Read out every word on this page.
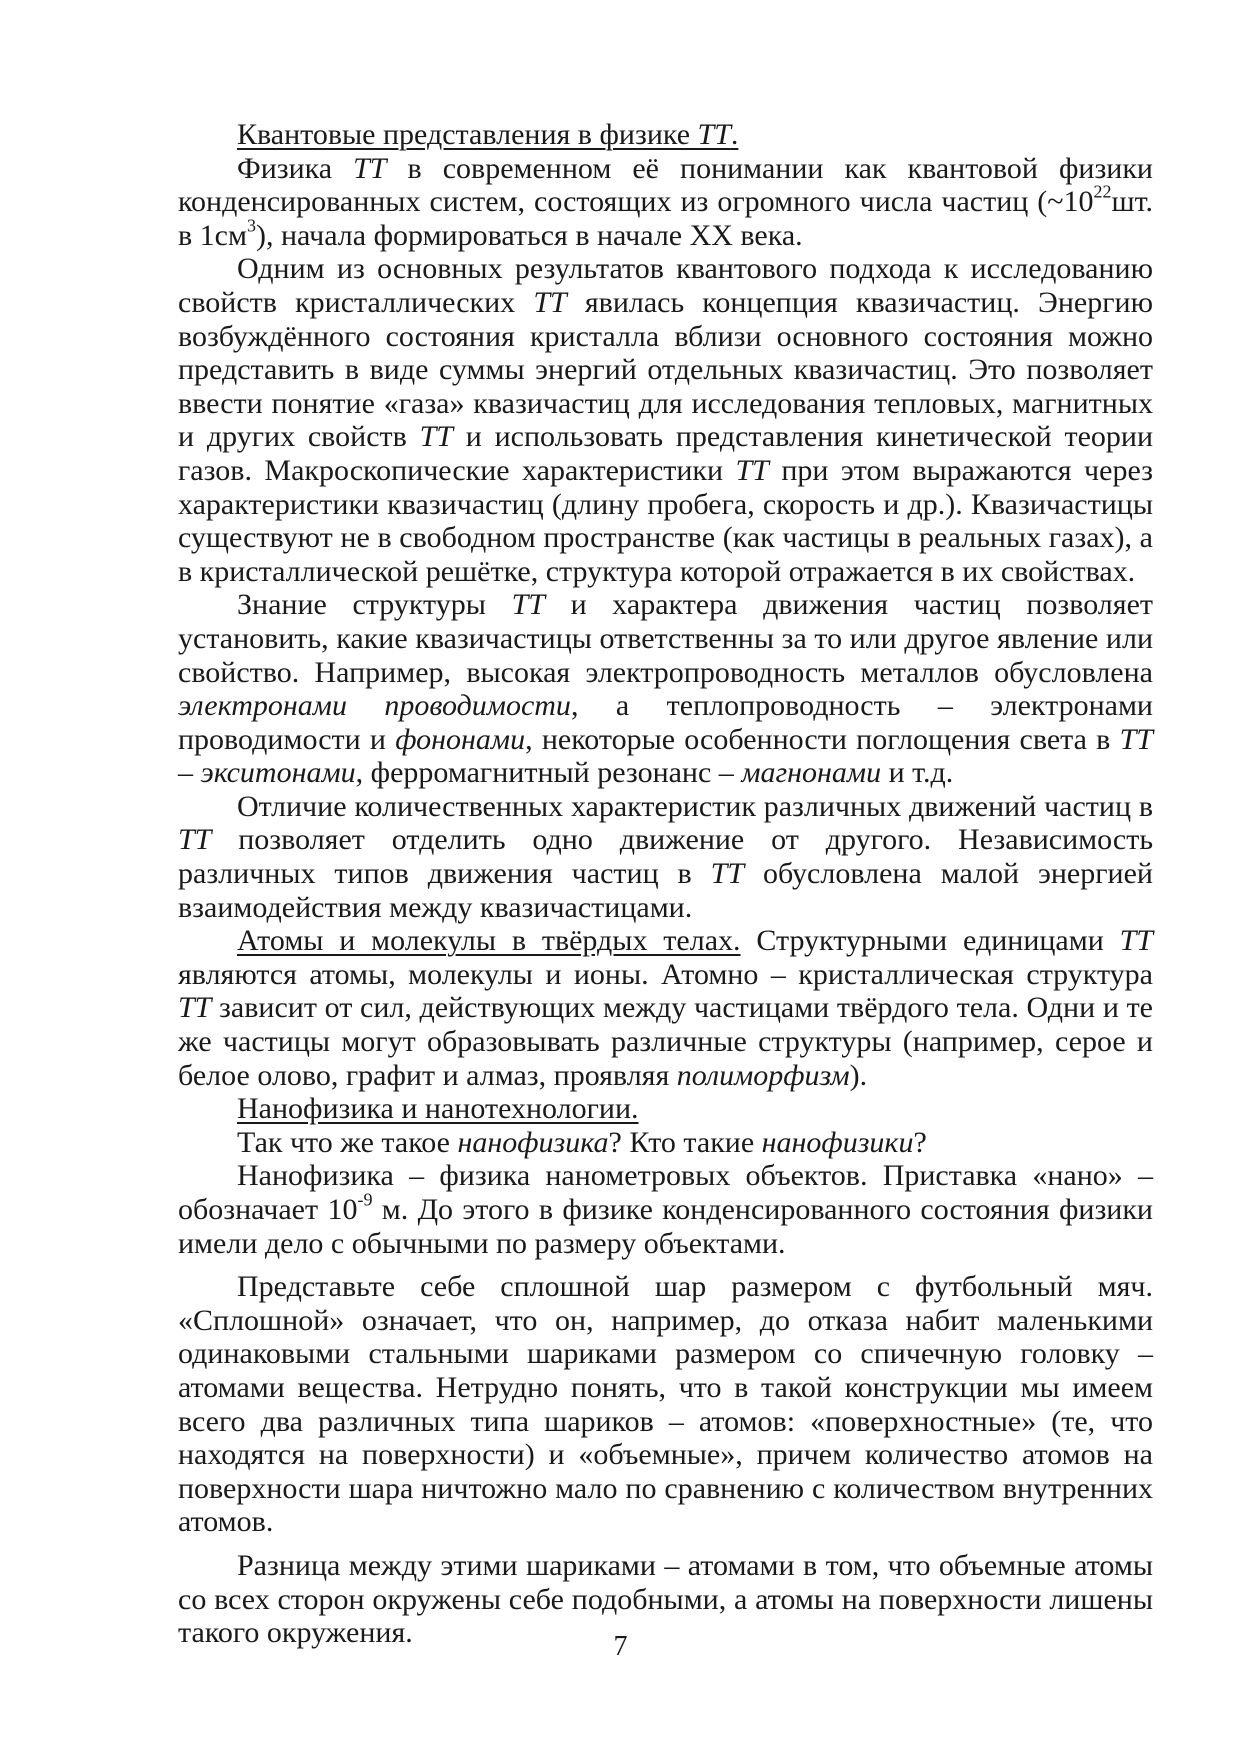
Квантовые представления в физике ТТ.

Физика ТТ в современном её понимании как квантовой физики конденсированных систем, состоящих из огромного числа частиц ($\sim 10^{22}шт$. в $1см^3$), начала формироваться в начале XX века.

Одним из основных результатов квантового подхода к исследованию свойств кристаллических ТТ явилась концепция квазичастиц. Энергию возбуждённого состояния кристалла вблизи основного состояния можно представить в виде суммы энергий отдельных квазичастиц. Это позволяет ввести понятие «газа» квазичастиц для исследования тепловых, магнитных и других свойств ТТ и использовать представления кинетической теории газов. Макроскопические характеристики ТТ при этом выражаются через характеристики квазичастиц (длину пробега, скорость и др.). Квазичастицы существуют не в свободном пространстве (как частицы в реальных газах), а в кристаллической решётке, структура которой отражается в их свойствах.

Знание структуры ТТ и характера движения частиц позволяет установить, какие квазичастицы ответственны за то или другое явление или свойство. Например, высокая электропроводность металлов обусловлена электронами проводимости, а теплопроводность – электронами проводимости и фононами, некоторые особенности поглощения света в ТТ – экситонами, ферромагнитный резонанс – магнонами и т.д.

Отличие количественных характеристик различных движений частиц в ТТ позволяет отделить одно движение от другого. Независимость различных типов движения частиц в ТТ обусловлена малой энергией взаимодействия между квазичастицами.

Атомы и молекулы в твёрдых телах. Структурными единицами ТТ являются атомы, молекулы и ионы. Атомно – кристаллическая структура ТТ зависит от сил, действующих между частицами твёрдого тела. Одни и те же частицы могут образовывать различные структуры (например, серое и белое олово, графит и алмаз, проявляя полиморфизм).

Нанофизика и нанотехнологии.

Так что же такое нанофизика? Кто такие нанофизики?

Нанофизика – физика нанометровых объектов. Приставка «нано» – обозначает $10^{-9}$ м. До этого в физике конденсированного состояния физики имели дело с обычными по размеру объектами.

Представьте себе сплошной шар размером с футбольный мяч. «Сплошной» означает, что он, например, до отказа набит маленькими одинаковыми стальными шариками размером со спичечную головку – атомами вещества. Нетрудно понять, что в такой конструкции мы имеем всего два различных типа шариков – атомов: «поверхностные» (те, что находятся на поверхности) и «объемные», причем количество атомов на поверхности шара ничтожно мало по сравнению с количеством внутренних атомов.

Разница между этими шариками – атомами в том, что объемные атомы со всех сторон окружены себе подобными, а атомы на поверхности лишены такого окружения.	7
